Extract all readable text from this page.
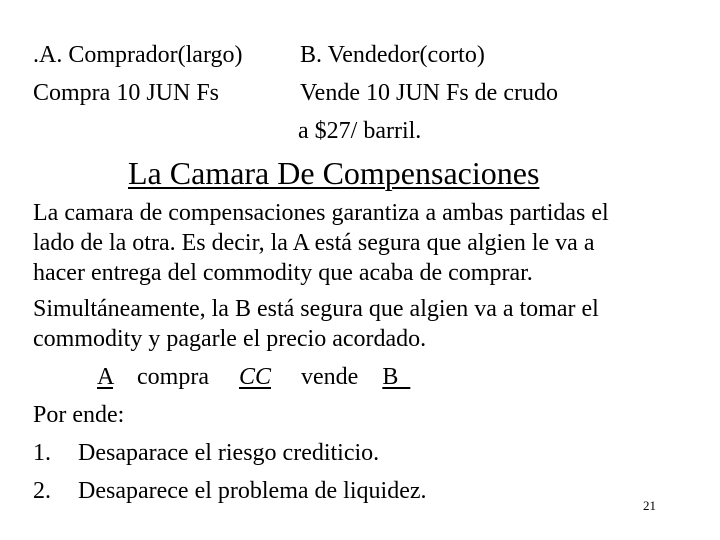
.A. Comprador(largo) B. Vendedor(corto)
Compra 10 JUN Fs	Vende 10 JUN Fs de crudo
a $27/ barril.
La Camara De Compensaciones
La camara de compensaciones garantiza a ambas partidas el
lado de la otra. Es decir, la A está segura que algien le va a
hacer entrega del commodity que acaba de comprar.
Simultáneamente, la B está segura que algien va a tomar el
commodity y pagarle el precio acordado.
A compra CC vende B
Por ende:
1. Desaparace el riesgo crediticio.
2. Desaparece el problema de liquidez.
21
